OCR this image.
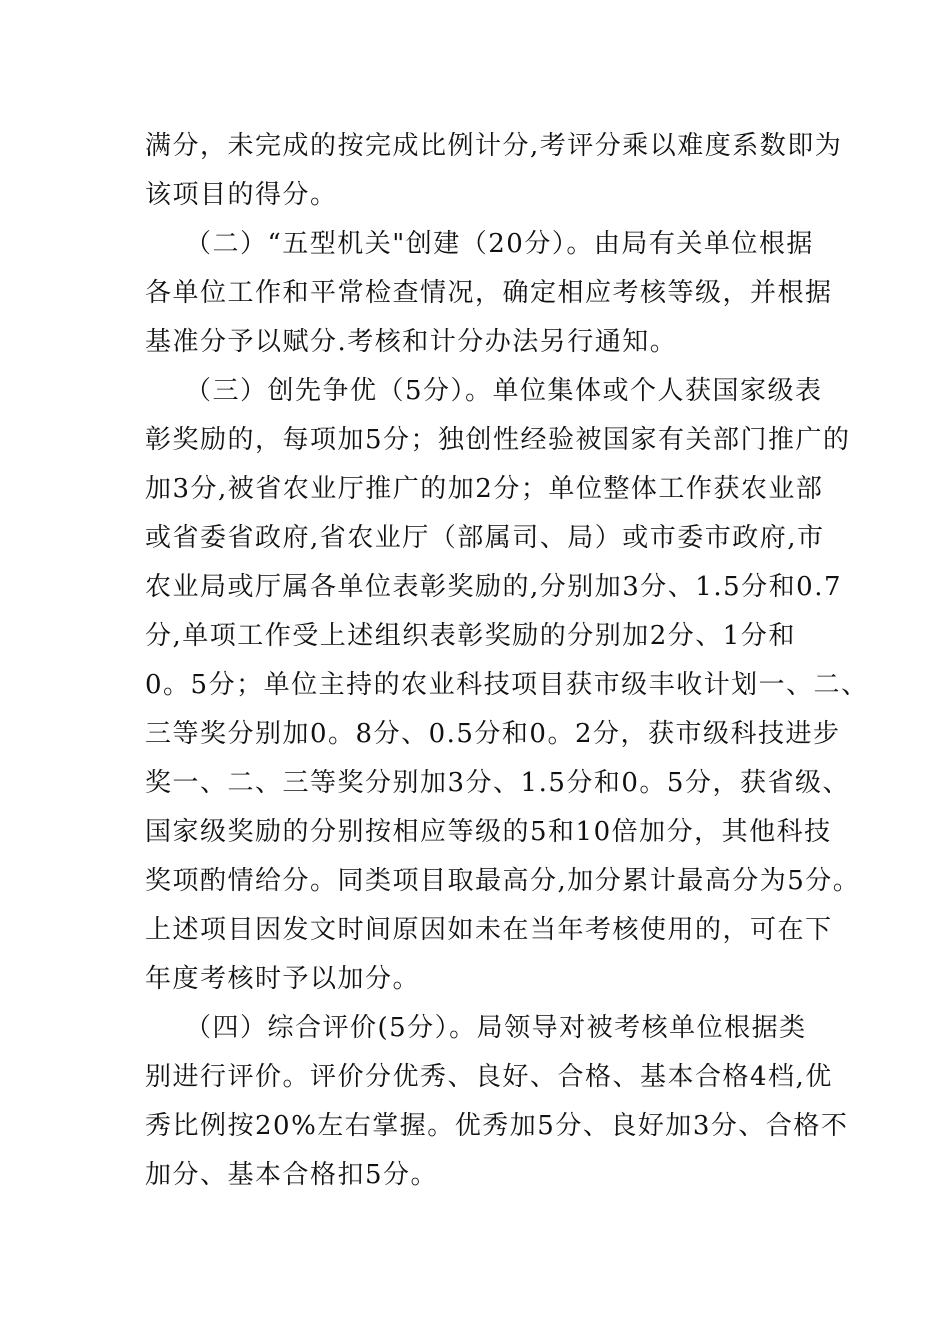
满分，未完成的按完成比例计分,考评分乘以难度系数即为
该项目的得分。
（二）“五型机关"创建（20分）。由局有关单位根据
各单位工作和平常检查情况，确定相应考核等级，并根据
基准分予以赋分.考核和计分办法另行通知。
（三）创先争优（5分）。单位集体或个人获国家级表
彰奖励的，每项加5分；独创性经验被国家有关部门推广的
加3分,被省农业厅推广的加2分；单位整体工作获农业部
或省委省政府,省农业厅（部属司、局）或市委市政府,市
农业局或厅属各单位表彰奖励的,分别加3分、1.5分和0.7
分,单项工作受上述组织表彰奖励的分别加2分、1分和
0。5分；单位主持的农业科技项目获市级丰收计划一、二、
三等奖分别加0。8分、0.5分和0。2分，获市级科技进步
奖一、二、三等奖分别加3分、1.5分和0。5分，获省级、
国家级奖励的分别按相应等级的5和10倍加分，其他科技
奖项酌情给分。同类项目取最高分,加分累计最高分为5分。
上述项目因发文时间原因如未在当年考核使用的，可在下
年度考核时予以加分。
（四）综合评价(5分）。局领导对被考核单位根据类
别进行评价。评价分优秀、良好、合格、基本合格4档,优
秀比例按20%左右掌握。优秀加5分、良好加3分、合格不
加分、基本合格扣5分。
